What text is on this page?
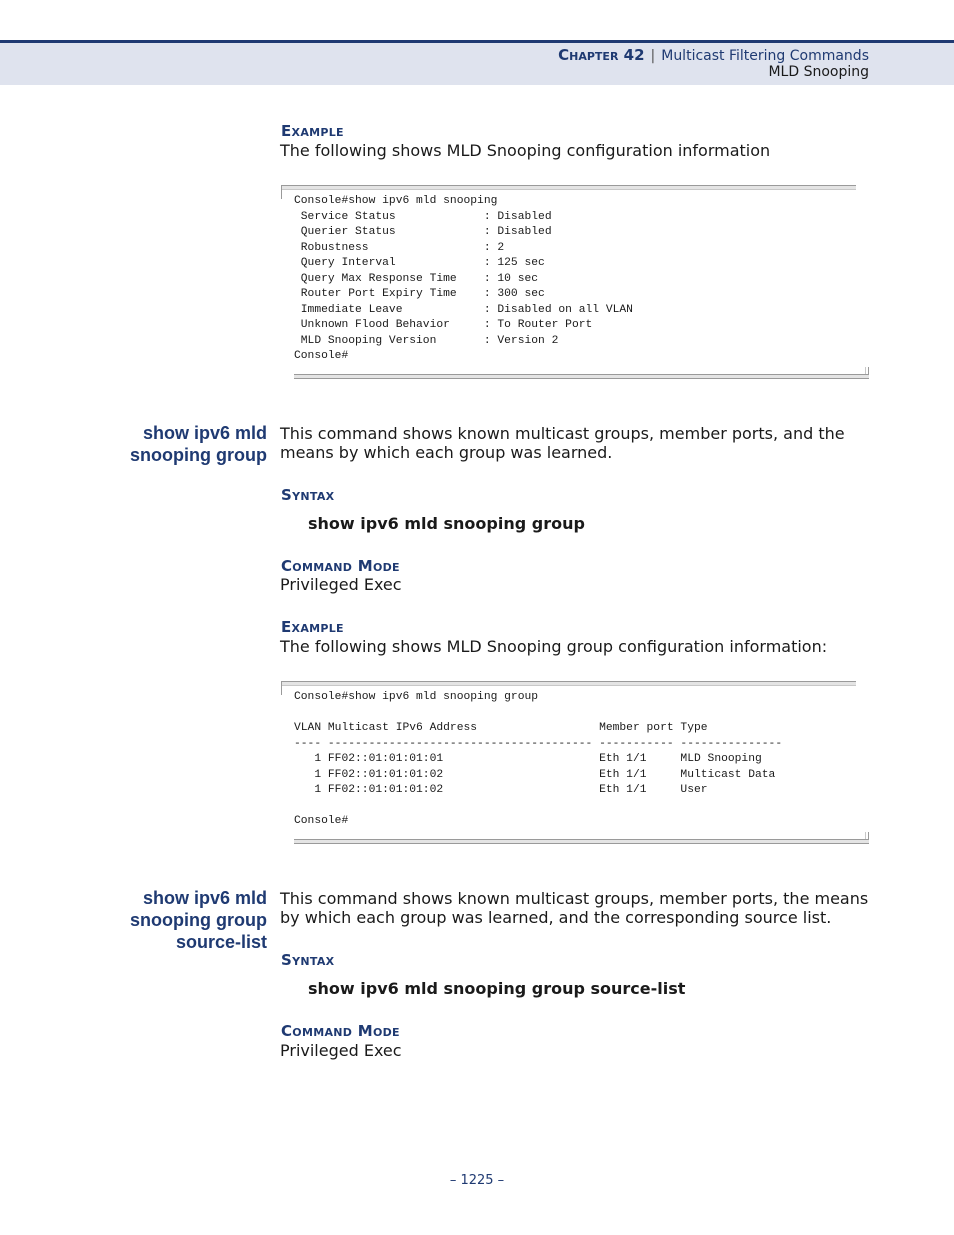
Chapter 42 | Multicast Filtering Commands
MLD Snooping
Example
The following shows MLD Snooping configuration information
Console#show ipv6 mld snooping
Service Status             : Disabled
Querier Status             : Disabled
Robustness                 : 2
Query Interval             : 125 sec
Query Max Response Time    : 10 sec
Router Port Expiry Time    : 300 sec
Immediate Leave            : Disabled on all VLAN
Unknown Flood Behavior     : To Router Port
MLD Snooping Version       : Version 2
Console#
show ipv6 mld
snooping group
This command shows known multicast groups, member ports, and the means by which each group was learned.
Syntax
show ipv6 mld snooping group
Command Mode
Privileged Exec
Example
The following shows MLD Snooping group configuration information:
Console#show ipv6 mld snooping group

VLAN Multicast IPv6 Address                  Member port Type
---- --------------------------------------- ----------- ---------------
1 FF02::01:01:01:01                       Eth 1/1     MLD Snooping
1 FF02::01:01:01:02                       Eth 1/1     Multicast Data
1 FF02::01:01:01:02                       Eth 1/1     User

Console#
show ipv6 mld
snooping group
source-list
This command shows known multicast groups, member ports, the means by which each group was learned, and the corresponding source list.
Syntax
show ipv6 mld snooping group source-list
Command Mode
Privileged Exec
– 1225 –
